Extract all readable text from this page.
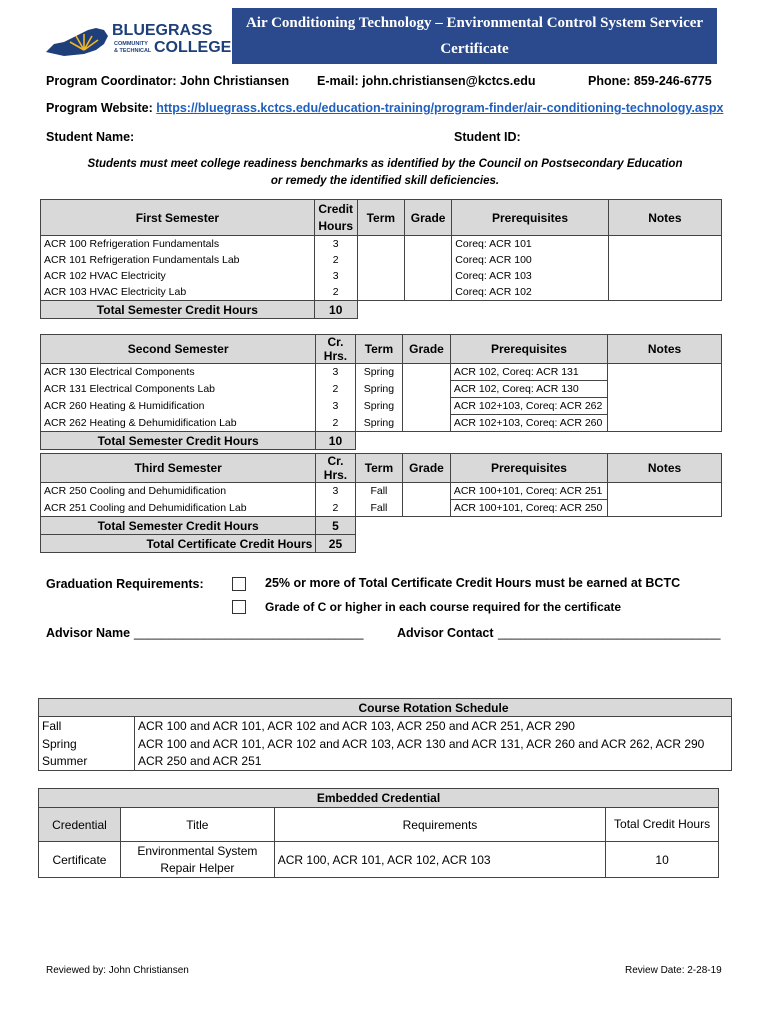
BLUEGRASS
COMMUNITY
& TECHNICAL COLLEGE
Air Conditioning Technology – Environmental Control System Servicer
Certificate
Program Coordinator: John Christiansen E-mail: john.christiansen@kctcs.edu	Phone: 859-246-6775
Program Website: https://bluegrass.kctcs.edu/education-training/program-finder/air-conditioning-technology.aspx
Student Name:	Student ID:
Students must meet college readiness benchmarks as identified by the Council on Postsecondary Education
or remedy the identified skill deficiencies.
First Semester	Credit Hours	Term	Grade	Prerequisites	Notes
ACR 100 Refrigeration Fundamentals	3			Coreq: ACR 101	
ACR 101 Refrigeration Fundamentals Lab	2			Coreq: ACR 100	
ACR 102 HVAC Electricity	3			Coreq: ACR 103	
ACR 103 HVAC Electricity Lab	2			Coreq: ACR 102	
Total Semester Credit Hours	10				
Second Semester	Cr. Hrs.	Term	Grade	Prerequisites	Notes
ACR 130 Electrical Components	3	Spring		ACR 102, Coreq: ACR 131	
ACR 131 Electrical Components Lab	2	Spring		ACR 102, Coreq: ACR 130	
ACR 260 Heating & Humidification	3	Spring		ACR 102+103, Coreq: ACR 262	
ACR 262 Heating & Dehumidification Lab	2	Spring		ACR 102+103, Coreq: ACR 260	
Total Semester Credit Hours	10				
Third Semester	Cr. Hrs.	Term	Grade	Prerequisites	Notes
ACR 250 Cooling and Dehumidification	3	Fall		ACR 100+101, Coreq: ACR 251	
ACR 251 Cooling and Dehumidification Lab	2	Fall		ACR 100+101, Coreq: ACR 250	
Total Semester Credit Hours	5				
Total Certificate Credit Hours	25				
Graduation Requirements:	25% or more of Total Certificate Credit Hours must be earned at BCTC
Grade of C or higher in each course required for the certificate
Advisor Name _________________________________	Advisor Contact ________________________________
Course Rotation Schedule	
Fall	ACR 100 and ACR 101, ACR 102 and ACR 103, ACR 250 and ACR 251, ACR 290
Spring	ACR 100 and ACR 101, ACR 102 and ACR 103, ACR 130 and ACR 131, ACR 260 and ACR 262, ACR 290
Summer	ACR 250 and ACR 251
Embedded Credential			
Credential	Title	Requirements	Total Credit Hours
Certificate	Environmental System Repair Helper	ACR 100, ACR 101, ACR 102, ACR 103	10
Reviewed by: John Christiansen	Review Date: 2-28-19
